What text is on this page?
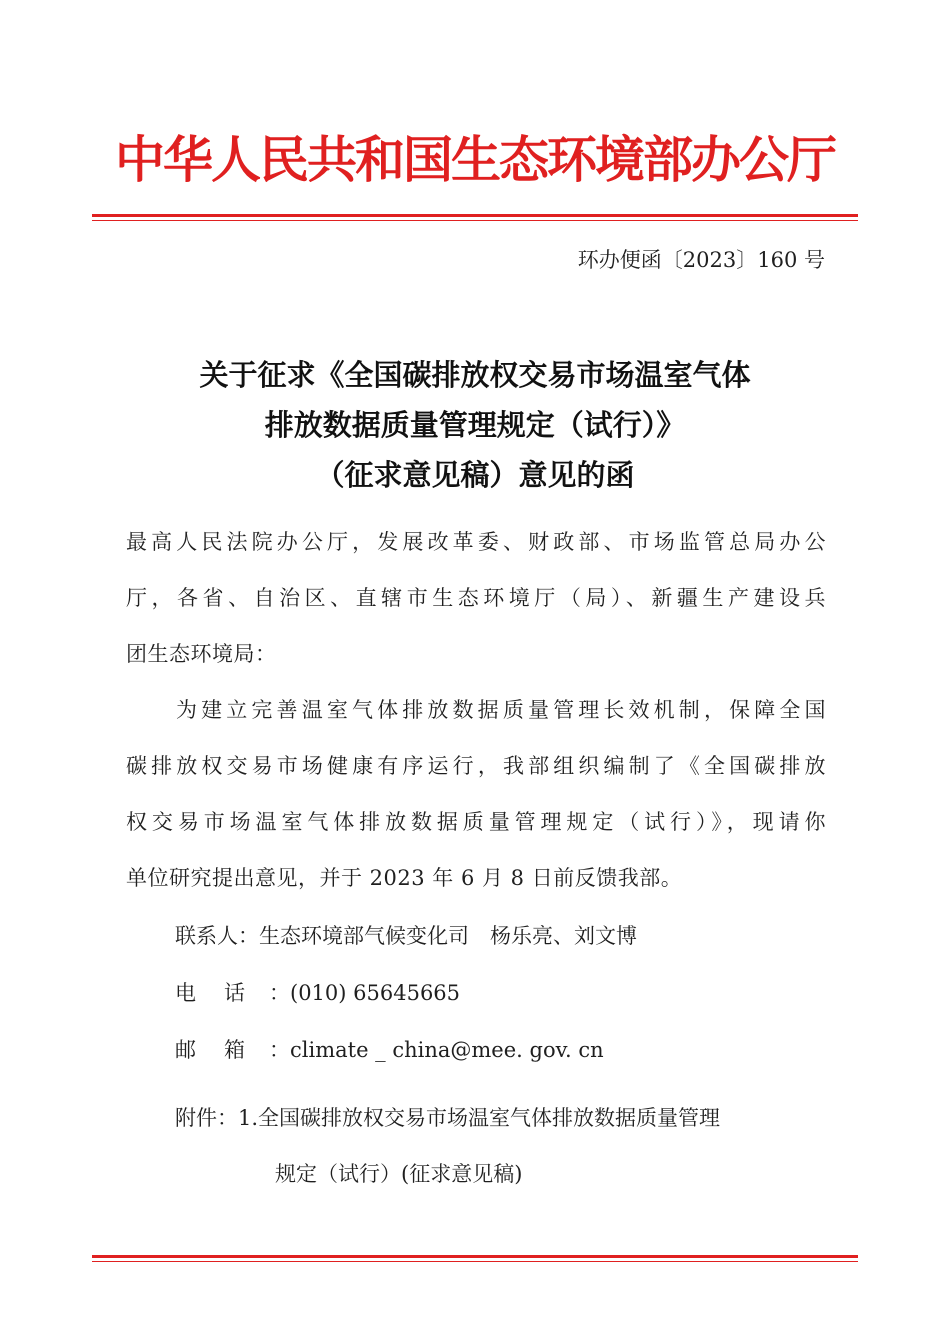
中华人民共和国生态环境部办公厅
环办便函〔2023〕160 号
关于征求《全国碳排放权交易市场温室气体
排放数据质量管理规定（试行）》
（征求意见稿）意见的函
最高人民法院办公厅，发展改革委、财政部、市场监管总局办公
厅，各省、自治区、直辖市生态环境厅（局）、新疆生产建设兵
团生态环境局：
为建立完善温室气体排放数据质量管理长效机制，保障全国
碳排放权交易市场健康有序运行，我部组织编制了《全国碳排放
权交易市场温室气体排放数据质量管理规定（试行）》，现请你
单位研究提出意见，并于 2023 年 6 月 8 日前反馈我部。
联系人：生态环境部气候变化司　杨乐亮、刘文博
电话：(010) 65645665
邮箱：climate _ china@mee. gov. cn
附件：1.全国碳排放权交易市场温室气体排放数据质量管理
规定（试行）(征求意见稿)
